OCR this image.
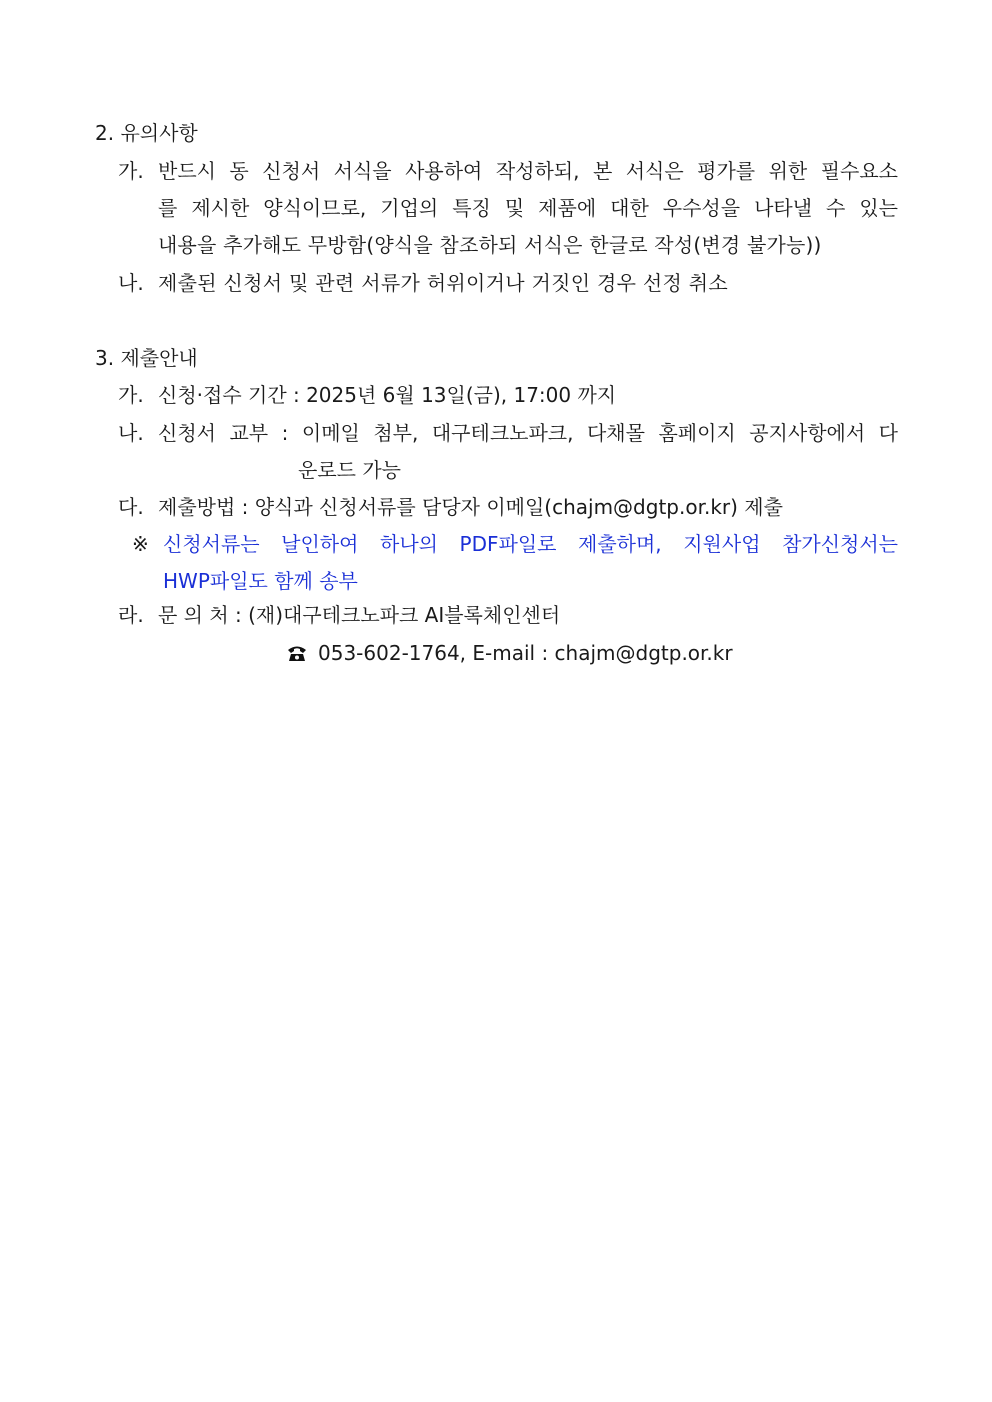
2. 유의사항
가. 반드시 동 신청서 서식을 사용하여 작성하되, 본 서식은 평가를 위한 필수요소
를 제시한 양식이므로, 기업의 특징 및 제품에 대한 우수성을 나타낼 수 있는
내용을 추가해도 무방함(양식을 참조하되 서식은 한글로 작성(변경 불가능))
나. 제출된 신청서 및 관련 서류가 허위이거나 거짓인 경우 선정 취소
3. 제출안내
가. 신청·접수 기간 : 2025년 6월 13일(금), 17:00 까지
나. 신청서 교부 : 이메일 첨부, 대구테크노파크, 다채몰 홈페이지 공지사항에서 다
운로드 가능
다. 제출방법 : 양식과 신청서류를 담당자 이메일(chajm@dgtp.or.kr) 제출
※ 신청서류는 날인하여 하나의 PDF파일로 제출하며, 지원사업 참가신청서는
HWP파일도 함께 송부
라. 문 의 처 : (재)대구테크노파크 AI블록체인센터
053-602-1764, E-mail : chajm@dgtp.or.kr
